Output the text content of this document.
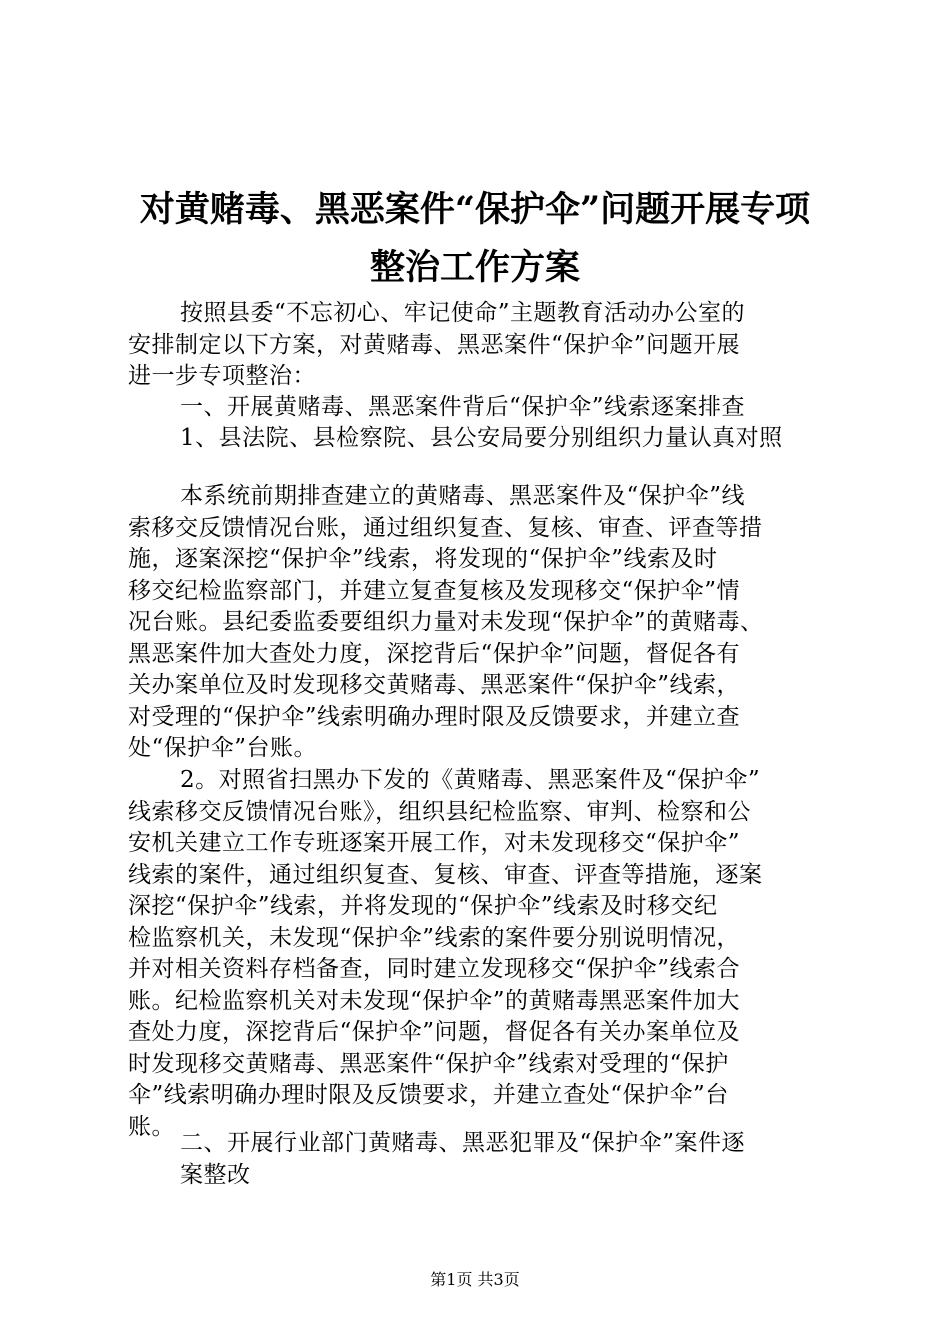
对黄赌毒、黑恶案件“保护伞”问题开展专项
整治工作方案
按照县委“不忘初心、牢记使命”主题教育活动办公室的
安排制定以下方案，对黄赌毒、黑恶案件“保护伞”问题开展
进一步专项整治：
一、开展黄赌毒、黑恶案件背后“保护伞”线索逐案排查
1、县法院、县检察院、县公安局要分别组织力量认真对照
本系统前期排查建立的黄赌毒、黑恶案件及“保护伞”线
索移交反馈情况台账，通过组织复查、复核、审查、评查等措
施，逐案深挖“保护伞”线索，将发现的“保护伞”线索及时
移交纪检监察部门，并建立复查复核及发现移交“保护伞”情
况台账。县纪委监委要组织力量对未发现“保护伞”的黄赌毒、
黑恶案件加大查处力度，深挖背后“保护伞”问题，督促各有
关办案单位及时发现移交黄赌毒、黑恶案件“保护伞”线索，
对受理的“保护伞”线索明确办理时限及反馈要求，并建立查
处“保护伞”台账。
2。对照省扫黑办下发的《黄赌毒、黑恶案件及“保护伞”
线索移交反馈情况台账》，组织县纪检监察、审判、检察和公
安机关建立工作专班逐案开展工作，对未发现移交“保护伞”
线索的案件，通过组织复查、复核、审查、评查等措施，逐案
深挖“保护伞”线索，并将发现的“保护伞”线索及时移交纪
检监察机关，未发现“保护伞”线索的案件要分别说明情况，
并对相关资料存档备查，同时建立发现移交“保护伞”线索合
账。纪检监察机关对未发现“保护伞”的黄赌毒黑恶案件加大
查处力度，深挖背后“保护伞”问题，督促各有关办案单位及
时发现移交黄赌毒、黑恶案件“保护伞”线索对受理的“保护
伞”线索明确办理时限及反馈要求，并建立查处“保护伞”台
账。
二、开展行业部门黄赌毒、黑恶犯罪及“保护伞”案件逐
案整改
第1页 共3页
